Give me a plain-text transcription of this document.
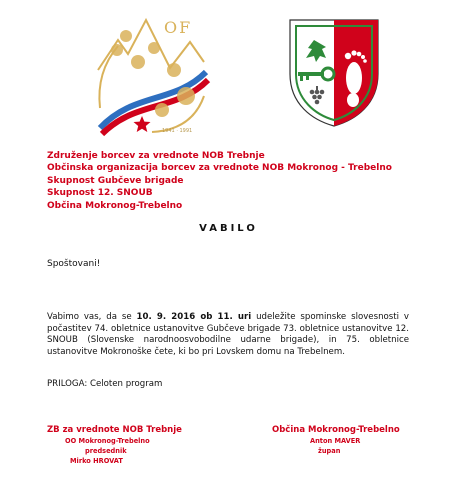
OF
1941 · 1991
Združenje borcev za vrednote NOB Trebnje
Občinska organizacija borcev za vrednote NOB Mokronog - Trebelno
Skupnost Gubčeve brigade
Skupnost 12. SNOUB
Občina Mokronog-Trebelno
VABILO
Spoštovani!
Vabimo vas, da se 10. 9. 2016 ob 11. uri udeležite spominske slovesnosti v počastitev 74. obletnice ustanovitve Gubčeve brigade 73. obletnice ustanovitve 12. SNOUB (Slovenske narodnoosvobodilne udarne brigade), in 75. obletnice ustanovitve Mokronoške čete, ki bo pri Lovskem domu na Trebelnem.
PRILOGA: Celoten program
ZB za vrednote NOB Trebnje
OO Mokronog-Trebelno
predsednik
Mirko HROVAT
Občina Mokronog-Trebelno
Anton MAVER
župan
